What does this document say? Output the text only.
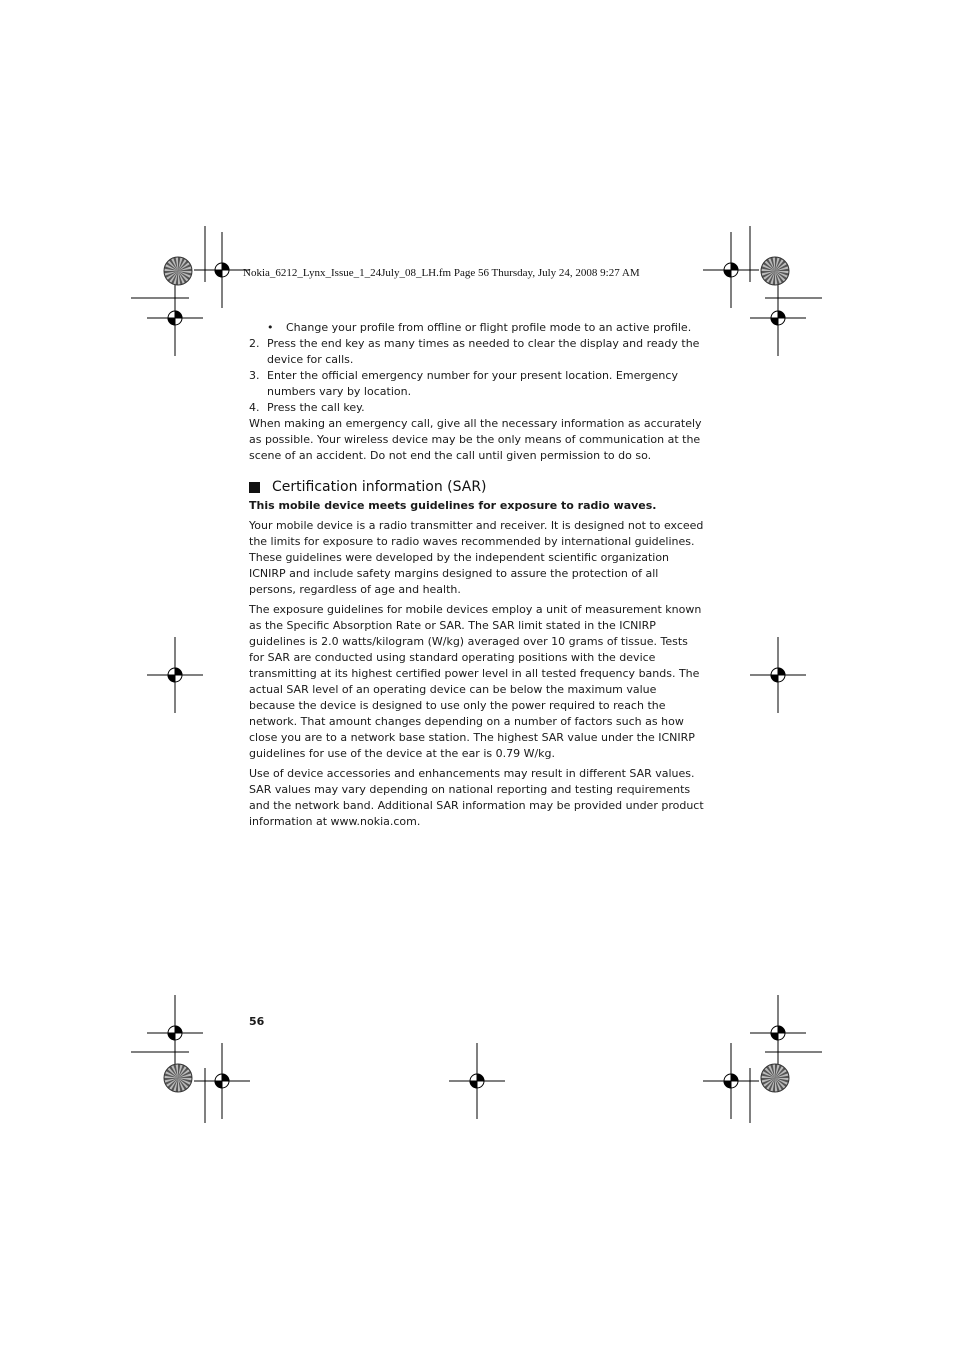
Nokia_6212_Lynx_Issue_1_24July_08_LH.fm Page 56 Thursday, July 24, 2008 9:27 AM

• Change your profile from offline or flight profile mode to an active profile.

2. Press the end key as many times as needed to clear the display and ready the device for calls.

3. Enter the official emergency number for your present location. Emergency numbers vary by location.

4. Press the call key.

When making an emergency call, give all the necessary information as accurately as possible. Your wireless device may be the only means of communication at the scene of an accident. Do not end the call until given permission to do so.

Certification information (SAR)

This mobile device meets guidelines for exposure to radio waves.

Your mobile device is a radio transmitter and receiver. It is designed not to exceed the limits for exposure to radio waves recommended by international guidelines. These guidelines were developed by the independent scientific organization ICNIRP and include safety margins designed to assure the protection of all persons, regardless of age and health.

The exposure guidelines for mobile devices employ a unit of measurement known as the Specific Absorption Rate or SAR. The SAR limit stated in the ICNIRP guidelines is 2.0 watts/kilogram (W/kg) averaged over 10 grams of tissue. Tests for SAR are conducted using standard operating positions with the device transmitting at its highest certified power level in all tested frequency bands. The actual SAR level of an operating device can be below the maximum value because the device is designed to use only the power required to reach the network. That amount changes depending on a number of factors such as how close you are to a network base station. The highest SAR value under the ICNIRP guidelines for use of the device at the ear is 0.79 W/kg.

Use of device accessories and enhancements may result in different SAR values. SAR values may vary depending on national reporting and testing requirements and the network band. Additional SAR information may be provided under product information at www.nokia.com.

56
